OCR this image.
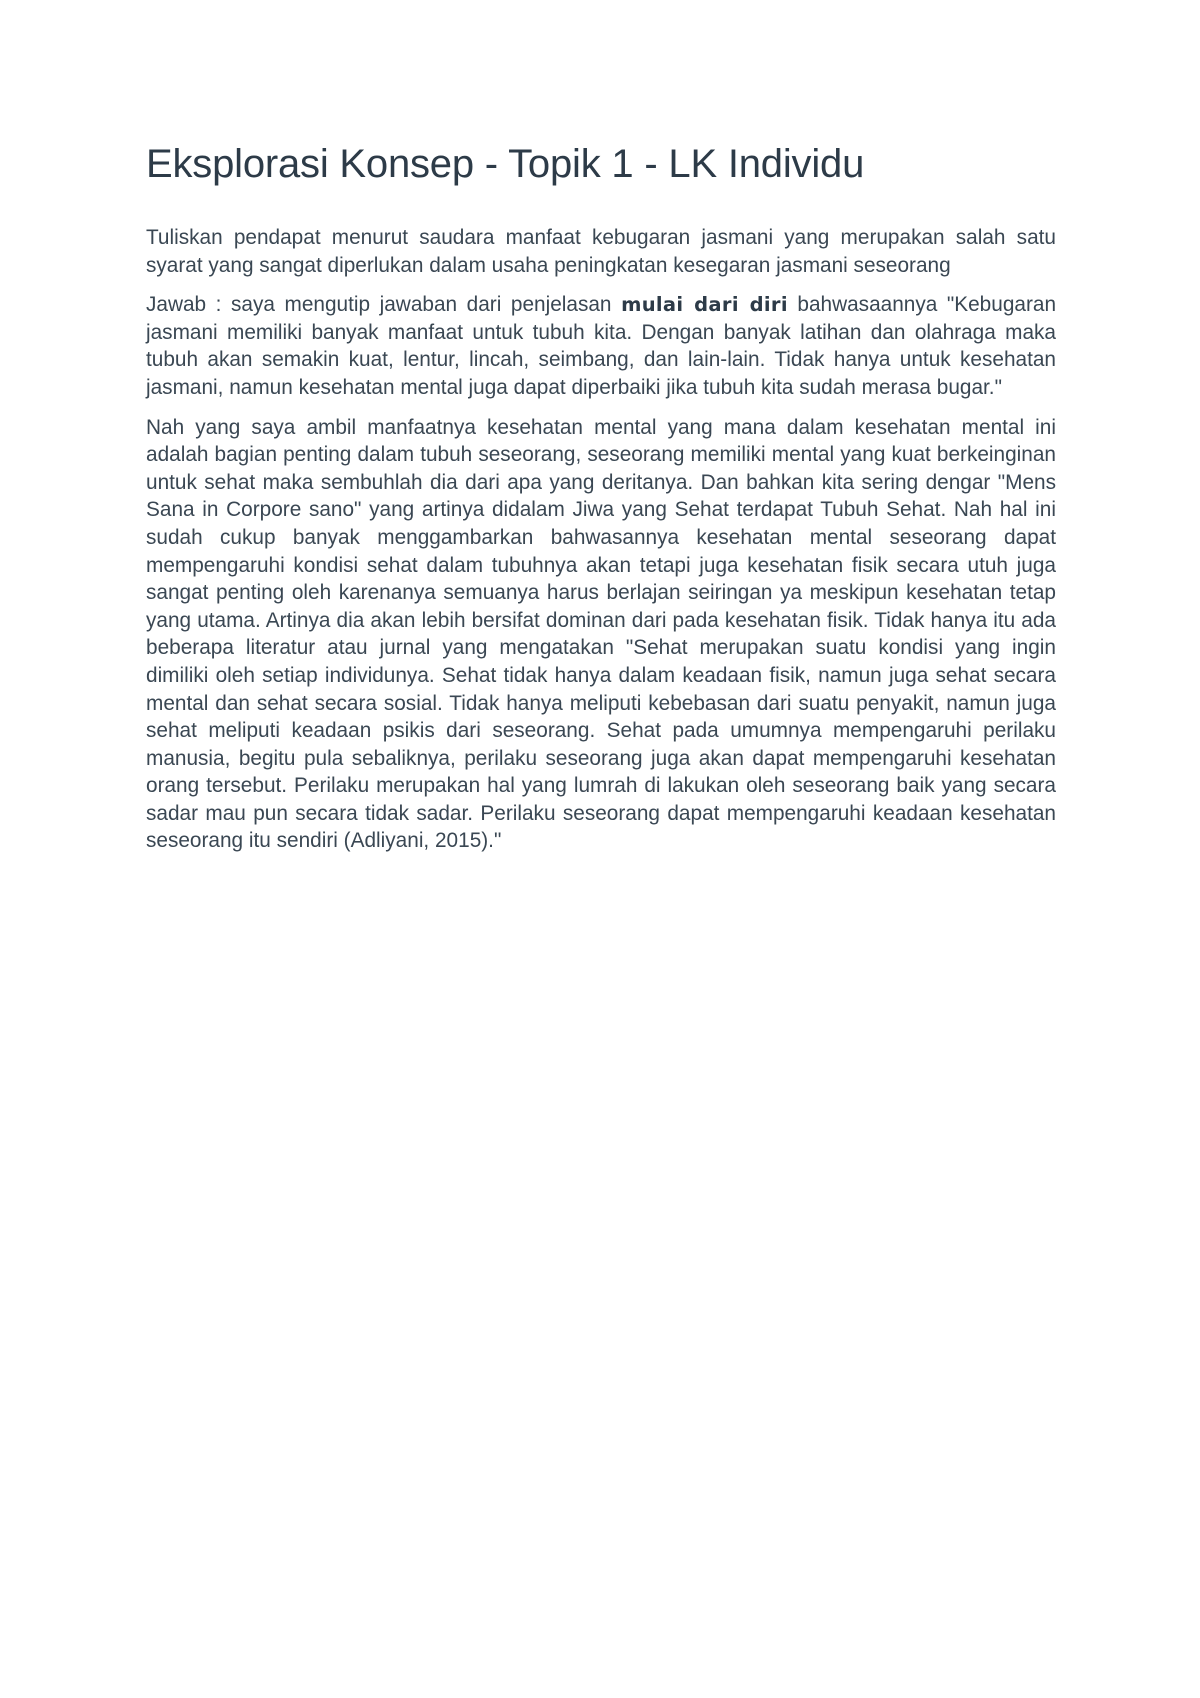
Eksplorasi Konsep - Topik 1 - LK Individu

Tuliskan pendapat menurut saudara manfaat kebugaran jasmani yang merupakan salah satu syarat yang sangat diperlukan dalam usaha peningkatan kesegaran jasmani seseorang

Jawab : saya mengutip jawaban dari penjelasan mulai dari diri bahwasaannya "Kebugaran jasmani memiliki banyak manfaat untuk tubuh kita. Dengan banyak latihan dan olahraga maka tubuh akan semakin kuat, lentur, lincah, seimbang, dan lain-lain. Tidak hanya untuk kesehatan jasmani, namun kesehatan mental juga dapat diperbaiki jika tubuh kita sudah merasa bugar."

Nah yang saya ambil manfaatnya kesehatan mental yang mana dalam kesehatan mental ini adalah bagian penting dalam tubuh seseorang, seseorang memiliki mental yang kuat berkeinginan untuk sehat maka sembuhlah dia dari apa yang deritanya. Dan bahkan kita sering dengar "Mens Sana in Corpore sano" yang artinya didalam Jiwa yang Sehat terdapat Tubuh Sehat. Nah hal ini sudah cukup banyak menggambarkan bahwasannya kesehatan mental seseorang dapat mempengaruhi kondisi sehat dalam tubuhnya akan tetapi juga kesehatan fisik secara utuh juga sangat penting oleh karenanya semuanya harus berlajan seiringan ya meskipun kesehatan tetap yang utama. Artinya dia akan lebih bersifat dominan dari pada kesehatan fisik. Tidak hanya itu ada beberapa literatur atau jurnal yang mengatakan "Sehat merupakan suatu kondisi yang ingin dimiliki oleh setiap individunya. Sehat tidak hanya dalam keadaan fisik, namun juga sehat secara mental dan sehat secara sosial. Tidak hanya meliputi kebebasan dari suatu penyakit, namun juga sehat meliputi keadaan psikis dari seseorang. Sehat pada umumnya mempengaruhi perilaku manusia, begitu pula sebaliknya, perilaku seseorang juga akan dapat mempengaruhi kesehatan orang tersebut. Perilaku merupakan hal yang lumrah di lakukan oleh seseorang baik yang secara sadar mau pun secara tidak sadar. Perilaku seseorang dapat mempengaruhi keadaan kesehatan seseorang itu sendiri (Adliyani, 2015)."
